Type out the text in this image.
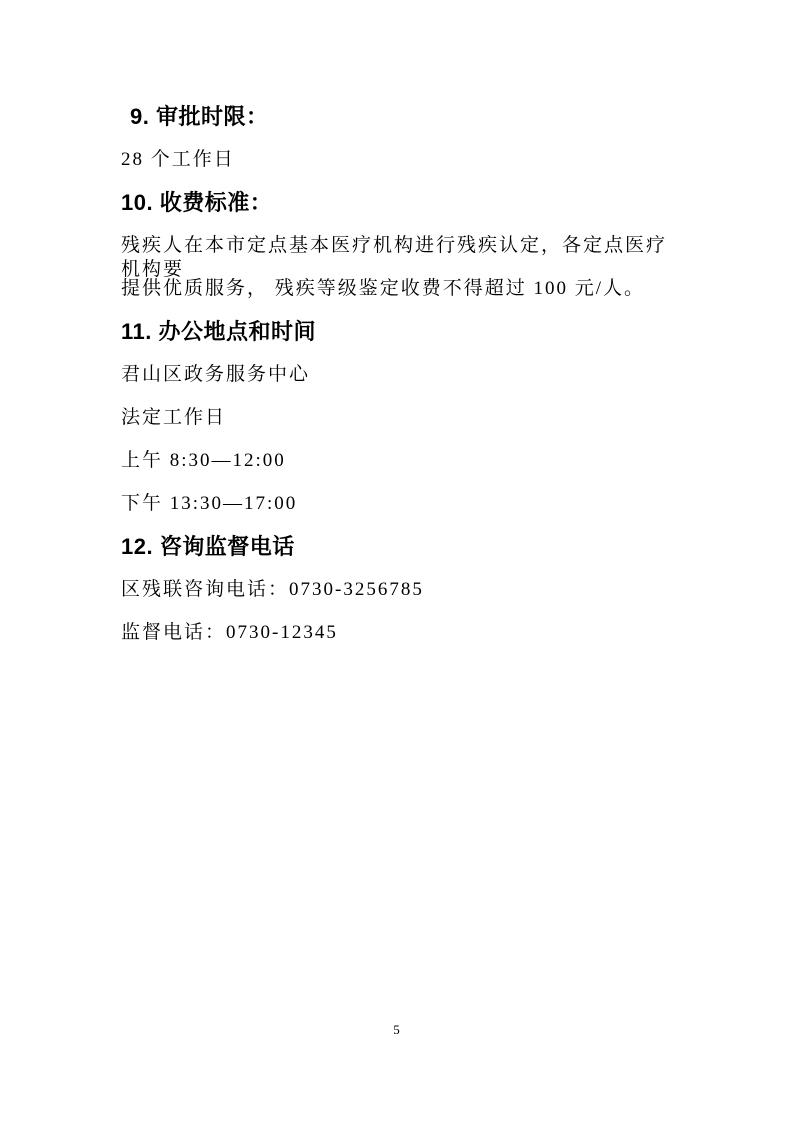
9. 审批时限：
28 个工作日
10. 收费标准：
残疾人在本市定点基本医疗机构进行残疾认定，各定点医疗机构要
提供优质服务， 残疾等级鉴定收费不得超过 100 元/人。
11. 办公地点和时间
君山区政务服务中心
法定工作日
上午 8:30—12:00
下午 13:30—17:00
12. 咨询监督电话
区残联咨询电话：0730-3256785
监督电话：0730-12345
5
